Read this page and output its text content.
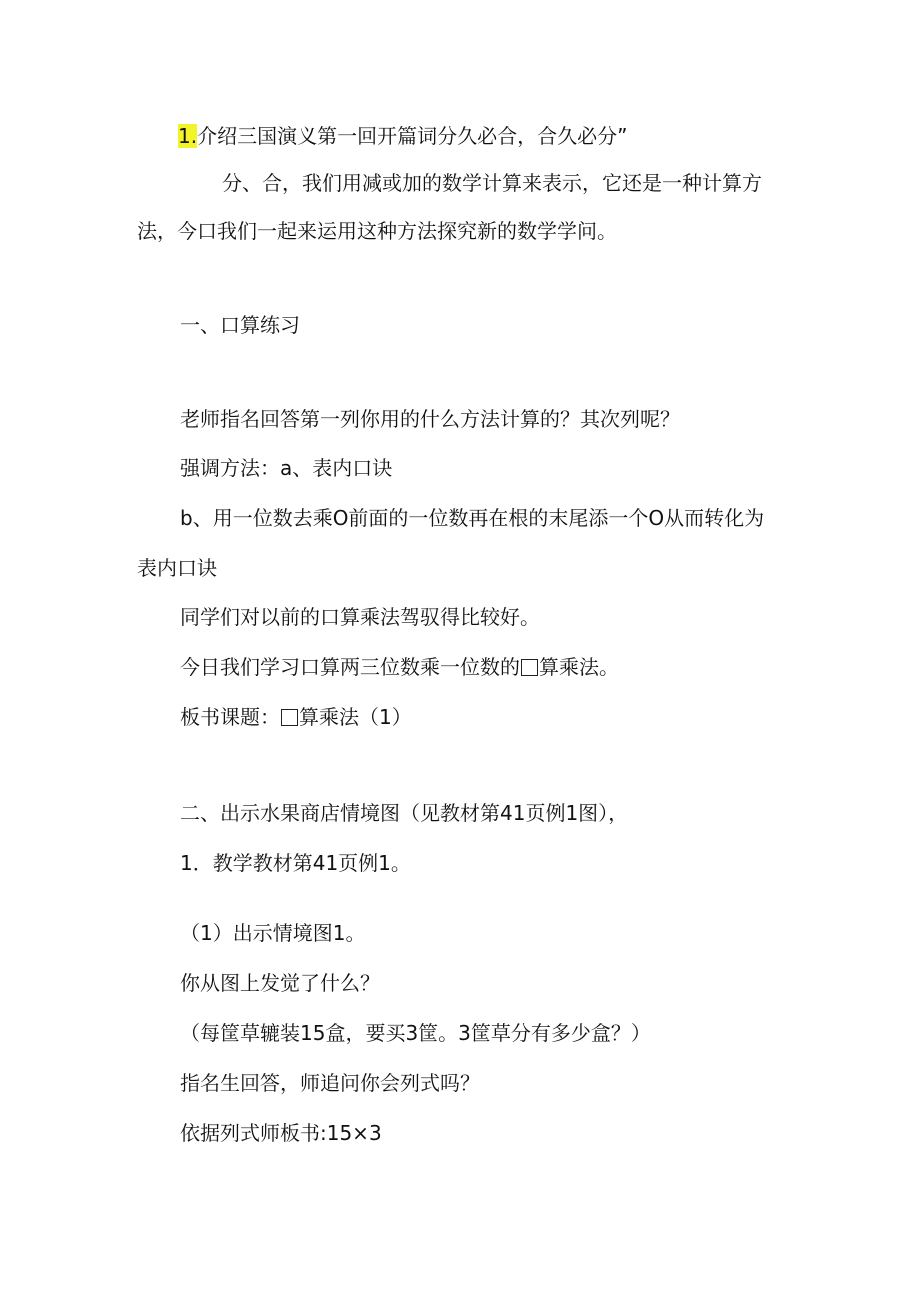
1.介绍三国演义第一回开篇词分久必合，合久必分”
分、合，我们用减或加的数学计算来表示，它还是一种计算方
法，今口我们一起来运用这种方法探究新的数学学问。
一、口算练习
老师指名回答第一列你用的什么方法计算的？其次列呢？
强调方法：a、表内口诀
b、用一位数去乘O前面的一位数再在根的末尾添一个O从而转化为
表内口诀
同学们对以前的口算乘法驾驭得比较好。
今日我们学习口算两三位数乘一位数的 算乘法。
板书课题： 算乘法（1）
二、出示水果商店情境图（见教材第41页例1图），
1．教学教材第41页例1。
（1）出示情境图1。
你从图上发觉了什么？
（每筐草辘装15盒，要买3筐。3筐草分有多少盒？）
指名生回答，师追问你会列式吗？
依据列式师板书:15×3
